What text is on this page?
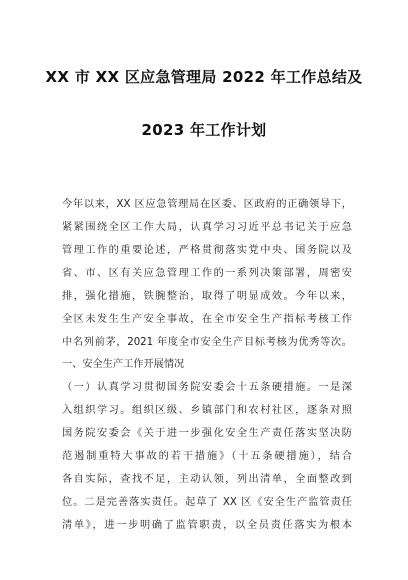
XX 市 XX 区应急管理局 2022 年工作总结及
2023 年工作计划
今年以来，XX 区应急管理局在区委、区政府的正确领导下，
紧紧围绕全区工作大局，认真学习习近平总书记关于应急
管理工作的重要论述，严格贯彻落实党中央、国务院以及
省、市、区有关应急管理工作的一系列决策部署，周密安
排，强化措施，铁腕整治，取得了明显成效。今年以来，
全区未发生生产安全事故，在全市安全生产指标考核工作
中名列前茅，2021 年度全市安全生产目标考核为优秀等次。
一、安全生产工作开展情况
（一）认真学习贯彻国务院安委会十五条硬措施。一是深
入组织学习。组织区级、乡镇部门和农村社区，逐条对照
国务院安委会《关于进一步强化安全生产责任落实坚决防
范遏制重特大事故的若干措施》（十五条硬措施），结合
各自实际，查找不足，主动认领，列出清单，全面整改到
位。二是完善落实责任。起草了 XX 区《安全生产监管责任
清单》，进一步明确了监管职责，以全员责任落实为根本
